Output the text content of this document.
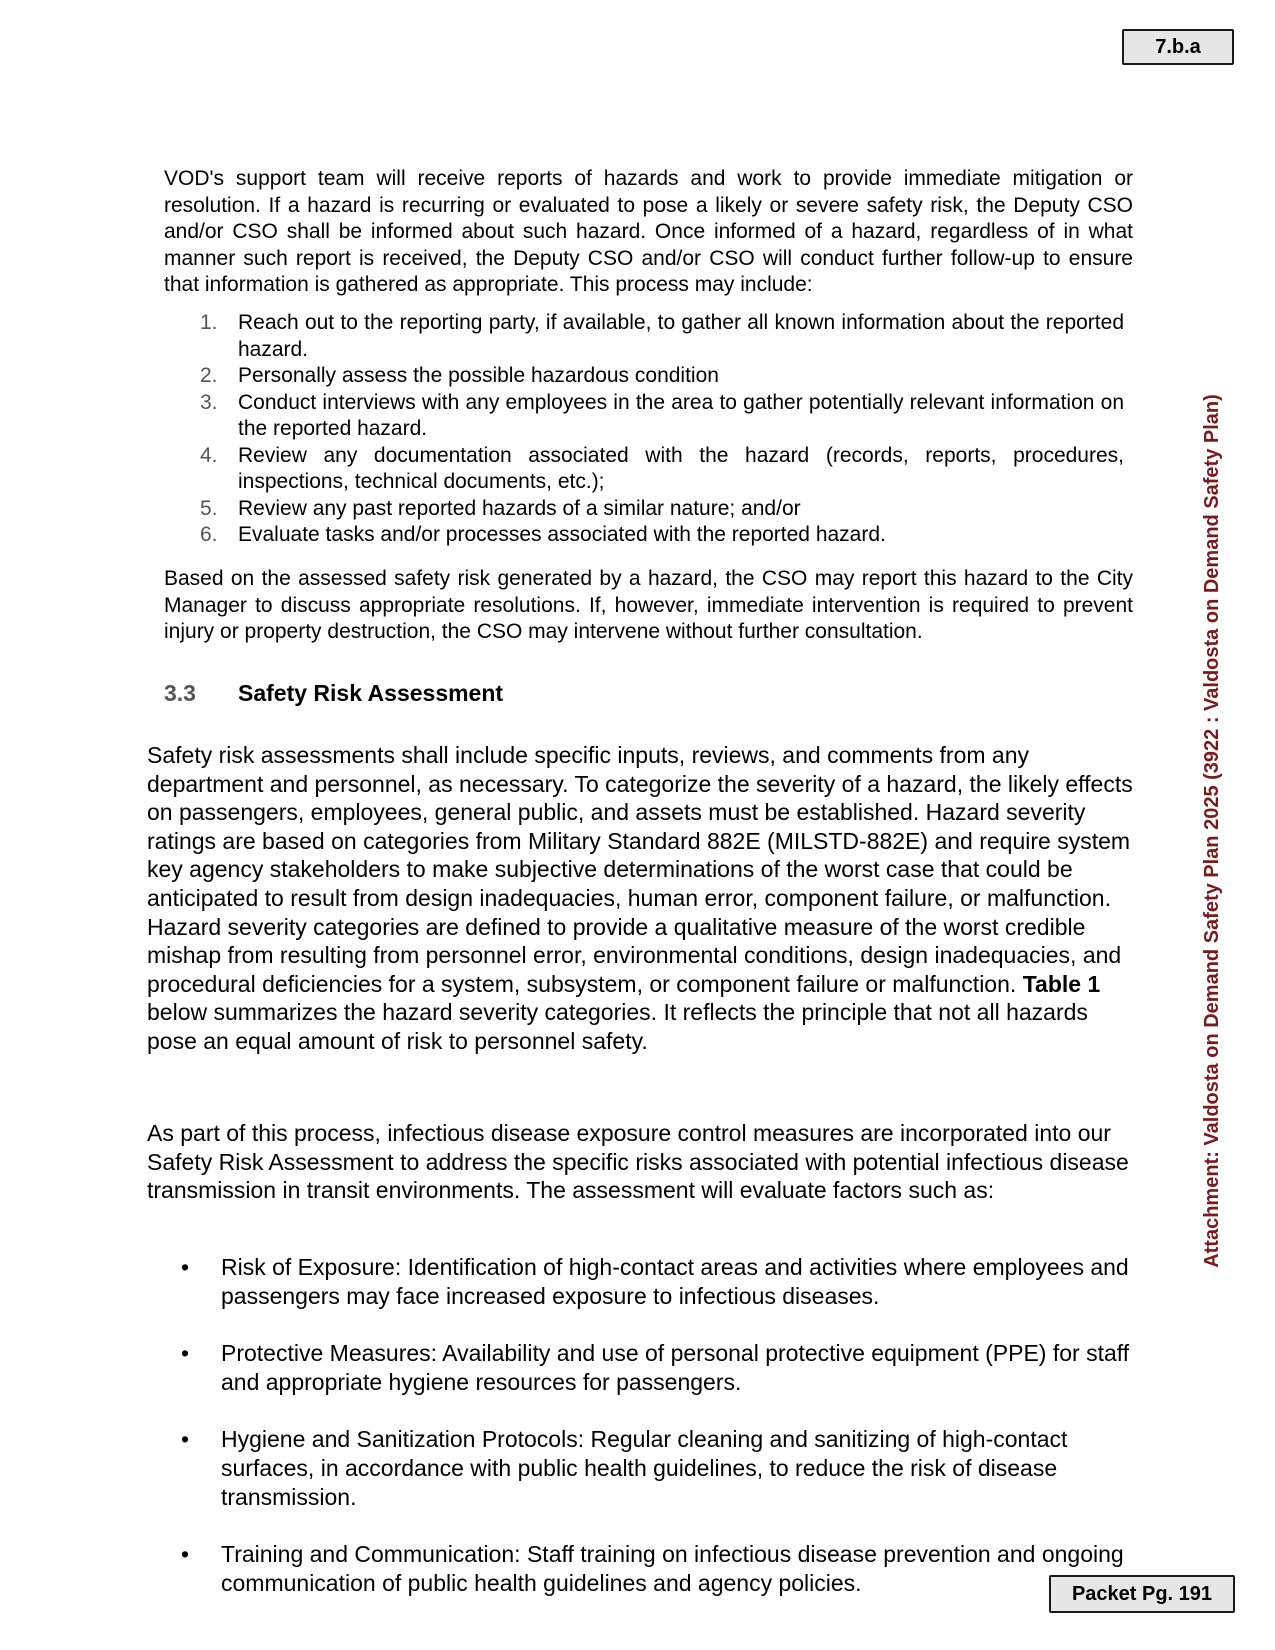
7.b.a
Attachment: Valdosta on Demand Safety Plan 2025 (3922 : Valdosta on Demand Safety Plan)

VOD's support team will receive reports of hazards and work to provide immediate mitigation or resolution. If a hazard is recurring or evaluated to pose a likely or severe safety risk, the Deputy CSO and/or CSO shall be informed about such hazard. Once informed of a hazard, regardless of in what manner such report is received, the Deputy CSO and/or CSO will conduct further follow-up to ensure that information is gathered as appropriate. This process may include:

1. Reach out to the reporting party, if available, to gather all known information about the reported hazard.
2. Personally assess the possible hazardous condition
3. Conduct interviews with any employees in the area to gather potentially relevant information on the reported hazard.
4. Review any documentation associated with the hazard (records, reports, procedures, inspections, technical documents, etc.);
5. Review any past reported hazards of a similar nature; and/or
6. Evaluate tasks and/or processes associated with the reported hazard.

Based on the assessed safety risk generated by a hazard, the CSO may report this hazard to the City Manager to discuss appropriate resolutions. If, however, immediate intervention is required to prevent injury or property destruction, the CSO may intervene without further consultation.

3.3 Safety Risk Assessment

Safety risk assessments shall include specific inputs, reviews, and comments from any department and personnel, as necessary. To categorize the severity of a hazard, the likely effects on passengers, employees, general public, and assets must be established. Hazard severity ratings are based on categories from Military Standard 882E (MILSTD-882E) and require system key agency stakeholders to make subjective determinations of the worst case that could be anticipated to result from design inadequacies, human error, component failure, or malfunction. Hazard severity categories are defined to provide a qualitative measure of the worst credible mishap from resulting from personnel error, environmental conditions, design inadequacies, and procedural deficiencies for a system, subsystem, or component failure or malfunction. Table 1 below summarizes the hazard severity categories. It reflects the principle that not all hazards pose an equal amount of risk to personnel safety.

As part of this process, infectious disease exposure control measures are incorporated into our Safety Risk Assessment to address the specific risks associated with potential infectious disease transmission in transit environments. The assessment will evaluate factors such as:

• Risk of Exposure: Identification of high-contact areas and activities where employees and passengers may face increased exposure to infectious diseases.
• Protective Measures: Availability and use of personal protective equipment (PPE) for staff and appropriate hygiene resources for passengers.
• Hygiene and Sanitization Protocols: Regular cleaning and sanitizing of high-contact surfaces, in accordance with public health guidelines, to reduce the risk of disease transmission.
• Training and Communication: Staff training on infectious disease prevention and ongoing communication of public health guidelines and agency policies.	Packet Pg. 191
